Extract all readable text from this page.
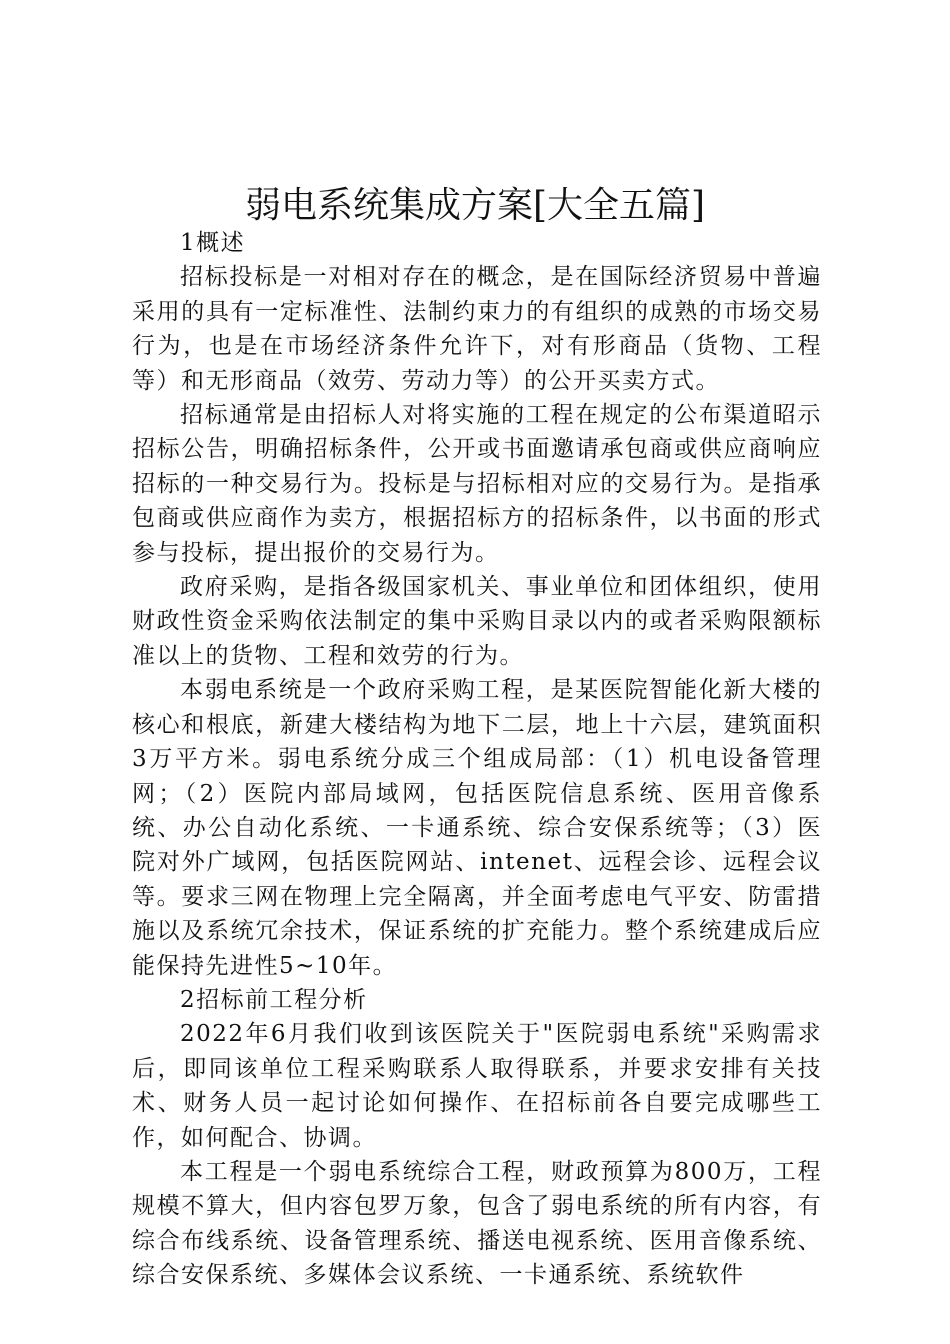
弱电系统集成方案[大全五篇]

1概述

招标投标是一对相对存在的概念，是在国际经济贸易中普遍采用的具有一定标准性、法制约束力的有组织的成熟的市场交易行为，也是在市场经济条件允许下，对有形商品（货物、工程等）和无形商品（效劳、劳动力等）的公开买卖方式。

招标通常是由招标人对将实施的工程在规定的公布渠道昭示招标公告，明确招标条件，公开或书面邀请承包商或供应商响应招标的一种交易行为。投标是与招标相对应的交易行为。是指承包商或供应商作为卖方，根据招标方的招标条件，以书面的形式参与投标，提出报价的交易行为。

政府采购，是指各级国家机关、事业单位和团体组织，使用财政性资金采购依法制定的集中采购目录以内的或者采购限额标准以上的货物、工程和效劳的行为。

本弱电系统是一个政府采购工程，是某医院智能化新大楼的核心和根底，新建大楼结构为地下二层，地上十六层，建筑面积3万平方米。弱电系统分成三个组成局部：（1）机电设备管理网；（2）医院内部局域网，包括医院信息系统、医用音像系统、办公自动化系统、一卡通系统、综合安保系统等；（3）医院对外广域网，包括医院网站、intenet、远程会诊、远程会议等。要求三网在物理上完全隔离，并全面考虑电气平安、防雷措施以及系统冗余技术，保证系统的扩充能力。整个系统建成后应能保持先进性5~10年。

2招标前工程分析

2022年6月我们收到该医院关于"医院弱电系统"采购需求后，即同该单位工程采购联系人取得联系，并要求安排有关技术、财务人员一起讨论如何操作、在招标前各自要完成哪些工作，如何配合、协调。

本工程是一个弱电系统综合工程，财政预算为800万，工程规模不算大，但内容包罗万象，包含了弱电系统的所有内容，有综合布线系统、设备管理系统、播送电视系统、医用音像系统、综合安保系统、多媒体会议系统、一卡通系统、系统软件
